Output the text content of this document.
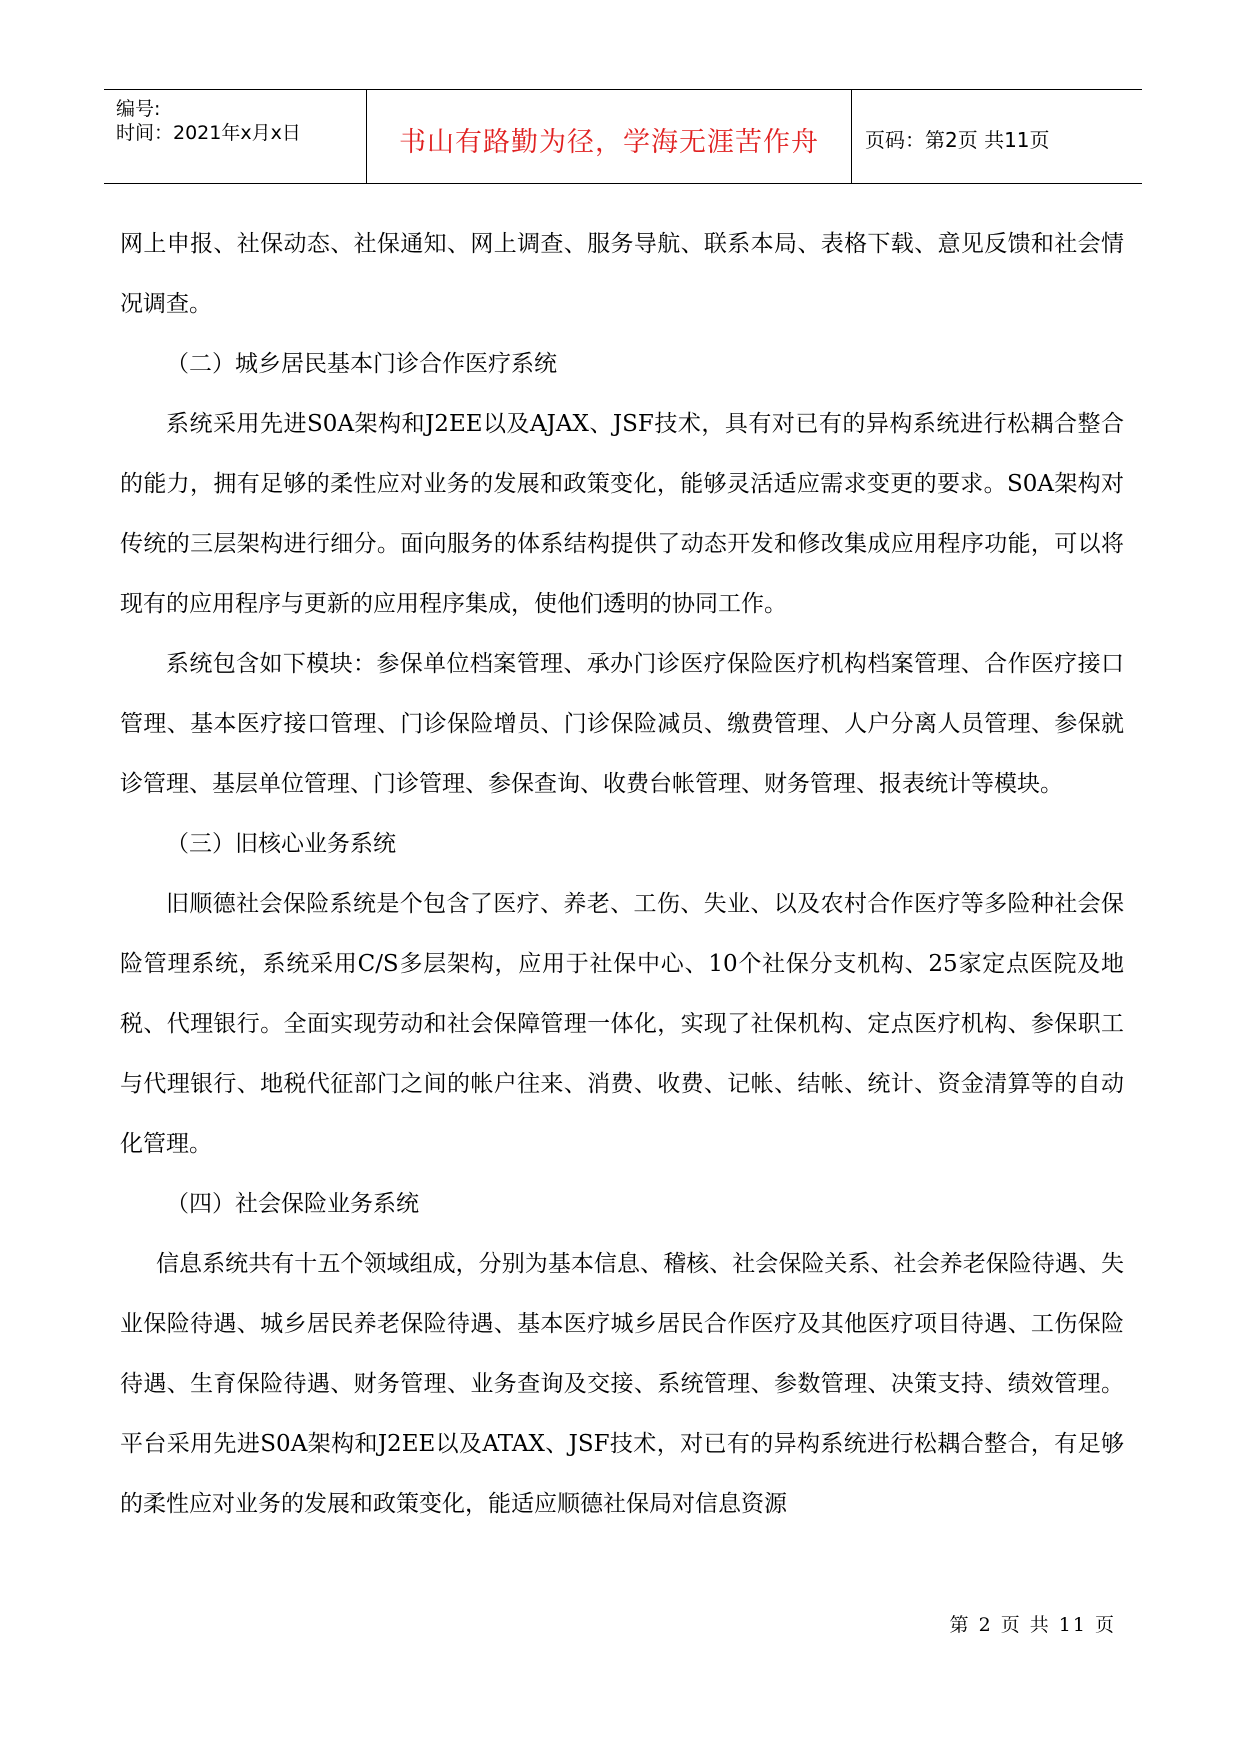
编号:
时间：2021年x月x日	书山有路勤为径，学海无涯苦作舟	页码：第2页 共11页

网上申报、社保动态、社保通知、网上调查、服务导航、联系本局、表格下载、意见反馈和社会情况调查。

（二）城乡居民基本门诊合作医疗系统

系统采用先进S0A架构和J2EE以及AJAX、JSF技术，具有对已有的异构系统进行松耦合整合的能力，拥有足够的柔性应对业务的发展和政策变化，能够灵活适应需求变更的要求。S0A架构对传统的三层架构进行细分。面向服务的体系结构提供了动态开发和修改集成应用程序功能，可以将现有的应用程序与更新的应用程序集成，使他们透明的协同工作。

系统包含如下模块：参保单位档案管理、承办门诊医疗保险医疗机构档案管理、合作医疗接口管理、基本医疗接口管理、门诊保险增员、门诊保险减员、缴费管理、人户分离人员管理、参保就诊管理、基层单位管理、门诊管理、参保查询、收费台帐管理、财务管理、报表统计等模块。

（三）旧核心业务系统

旧顺德社会保险系统是个包含了医疗、养老、工伤、失业、以及农村合作医疗等多险种社会保险管理系统，系统采用C/S多层架构，应用于社保中心、10个社保分支机构、25家定点医院及地税、代理银行。全面实现劳动和社会保障管理一体化，实现了社保机构、定点医疗机构、参保职工与代理银行、地税代征部门之间的帐户往来、消费、收费、记帐、结帐、统计、资金清算等的自动化管理。

（四）社会保险业务系统

信息系统共有十五个领域组成，分别为基本信息、稽核、社会保险关系、社会养老保险待遇、失业保险待遇、城乡居民养老保险待遇、基本医疗城乡居民合作医疗及其他医疗项目待遇、工伤保险待遇、生育保险待遇、财务管理、业务查询及交接、系统管理、参数管理、决策支持、绩效管理。平台采用先进S0A架构和J2EE以及ATAX、JSF技术，对已有的异构系统进行松耦合整合，有足够的柔性应对业务的发展和政策变化，能适应顺德社保局对信息资源

第 2 页 共 11 页
